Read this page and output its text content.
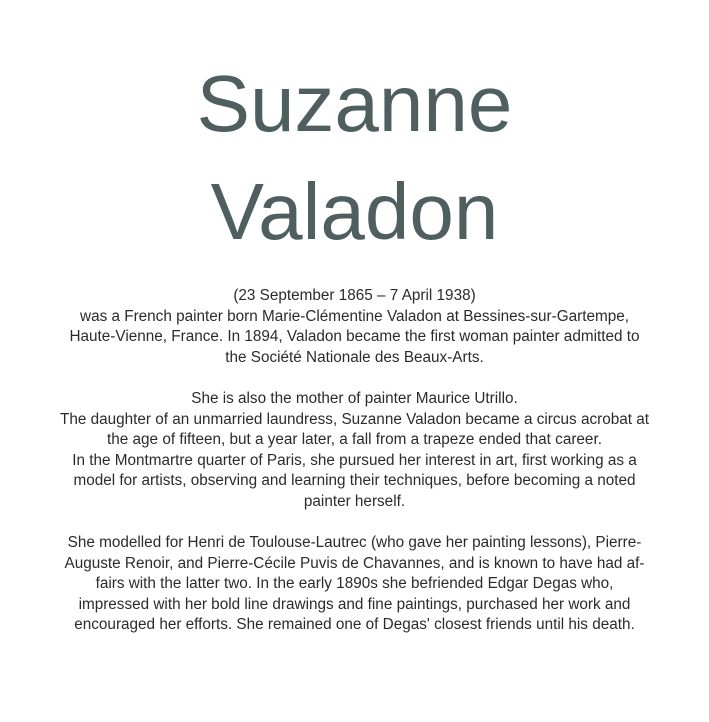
Suzanne
Valadon

(23 September 1865 – 7 April 1938)

was a French painter born Marie-Clémentine Valadon at Bessines-sur-Gartempe,

Haute-Vienne, France. In 1894, Valadon became the first woman painter admitted to

the Société Nationale des Beaux-Arts.

She is also the mother of painter Maurice Utrillo.

The daughter of an unmarried laundress, Suzanne Valadon became a circus acrobat at

the age of fifteen, but a year later, a fall from a trapeze ended that career.

In the Montmartre quarter of Paris, she pursued her interest in art, first working as a

model for artists, observing and learning their techniques, before becoming a noted

painter herself.

She modelled for Henri de Toulouse-Lautrec (who gave her painting lessons), Pierre-

Auguste Renoir, and Pierre-Cécile Puvis de Chavannes, and is known to have had af-

fairs with the latter two. In the early 1890s she befriended Edgar Degas who,

impressed with her bold line drawings and fine paintings, purchased her work and

encouraged her efforts. She remained one of Degas' closest friends until his death.
